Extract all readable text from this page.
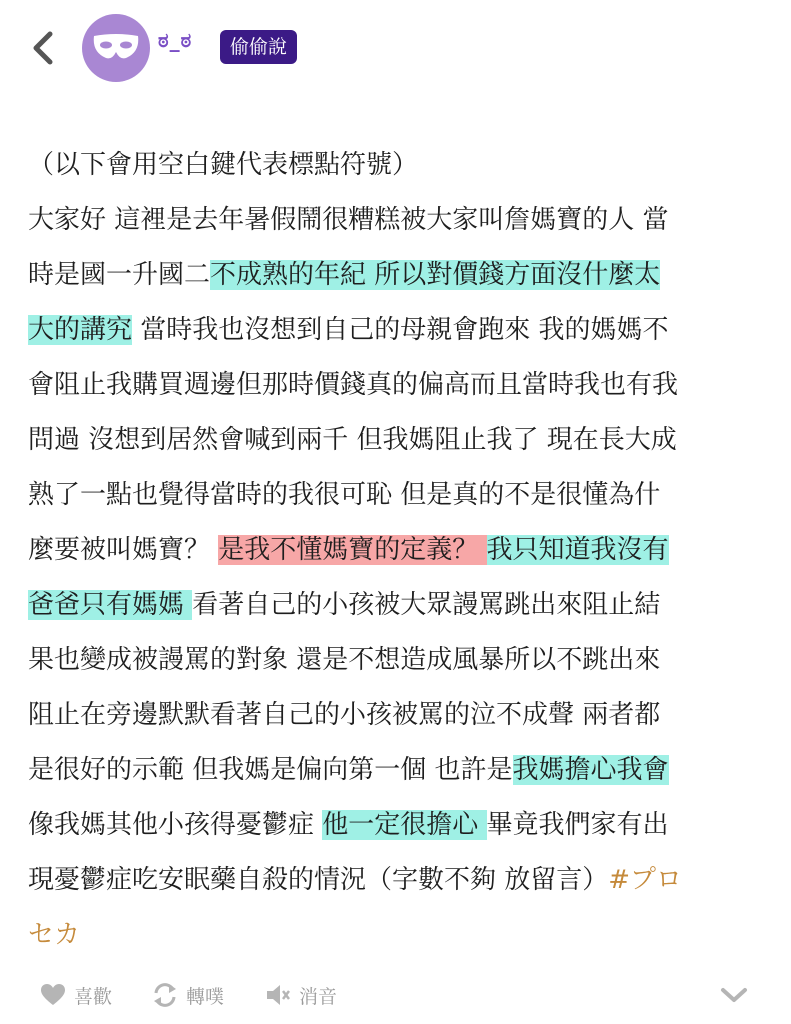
ಠ_ಠ	偷偷說
（以下會用空白鍵代表標點符號）
大家好 這裡是去年暑假鬧很糟糕被大家叫詹媽寶的人 當
時是國一升國二不成熟的年紀 所以對價錢方面沒什麼太
大的講究 當時我也沒想到自己的母親會跑來 我的媽媽不
會阻止我購買週邊但那時價錢真的偏高而且當時我也有我
問過 沒想到居然會喊到兩千 但我媽阻止我了 現在長大成
熟了一點也覺得當時的我很可恥 但是真的不是很懂為什
麼要被叫媽寶？ 是我不懂媽寶的定義？ 我只知道我沒有
爸爸只有媽媽 看著自己的小孩被大眾謾罵跳出來阻止結
果也變成被謾罵的對象 還是不想造成風暴所以不跳出來
阻止在旁邊默默看著自己的小孩被罵的泣不成聲 兩者都
是很好的示範 但我媽是偏向第一個 也許是我媽擔心我會
像我媽其他小孩得憂鬱症 他一定很擔心 畢竟我們家有出
現憂鬱症吃安眠藥自殺的情況（字數不夠 放留言）#プロ
セカ
喜歡	轉噗	消音
